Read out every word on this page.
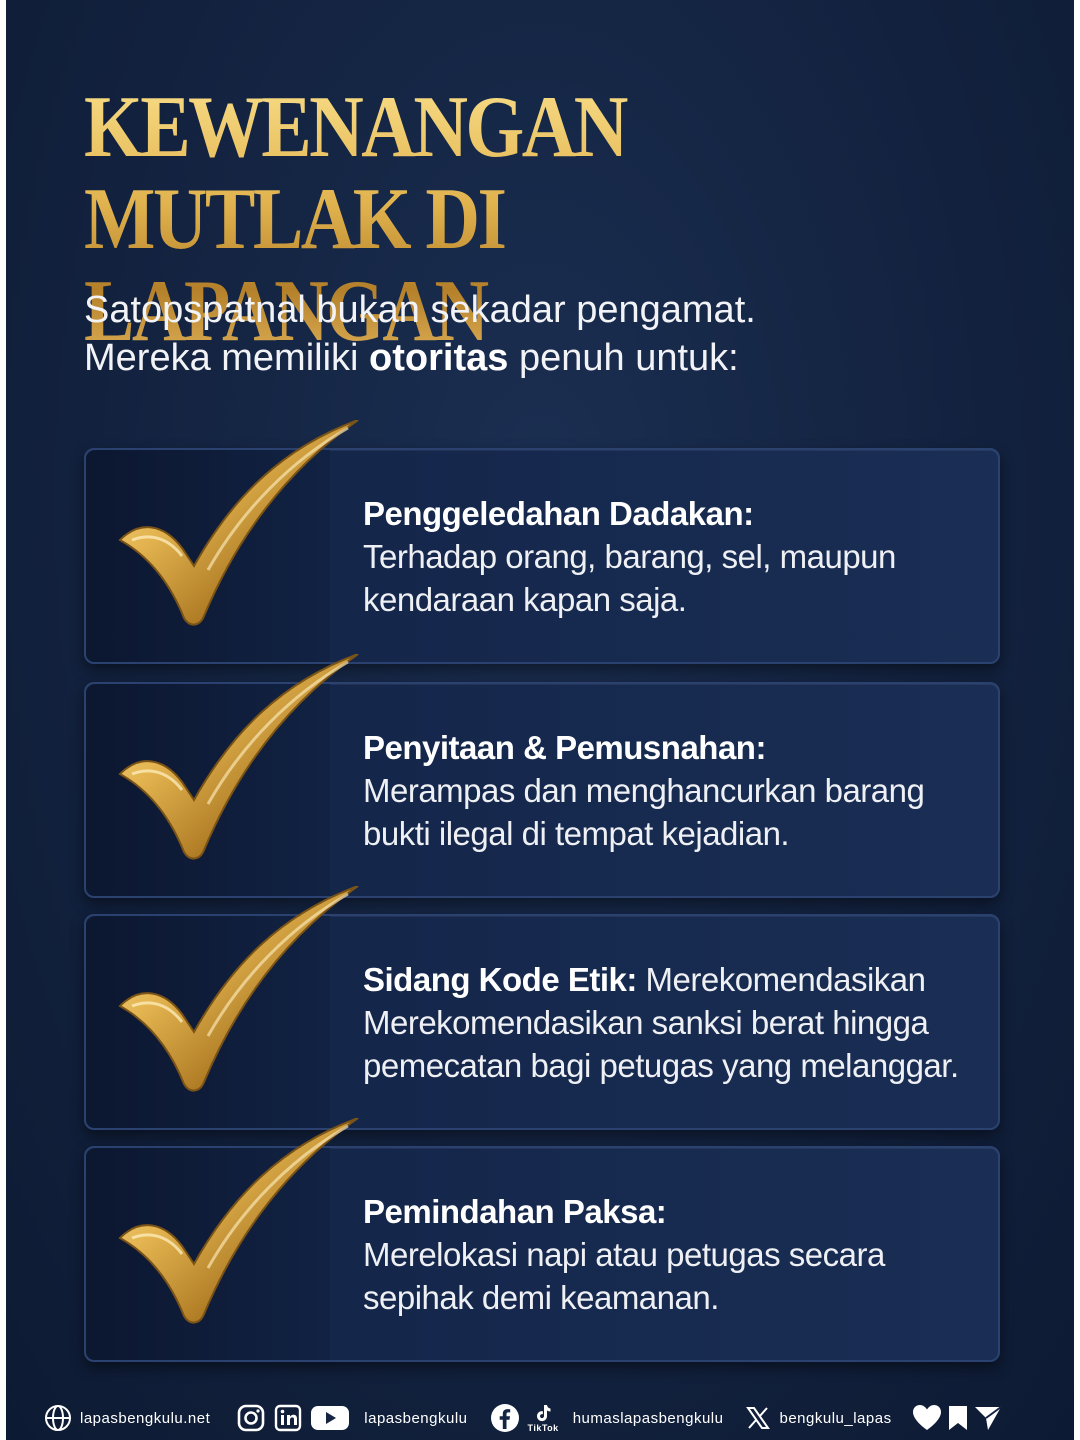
KEWENANGAN
MUTLAK DI LAPANGAN
Satopspatnal bukan sekadar pengamat.
Mereka memiliki otoritas penuh untuk:
Penggeledahan Dadakan:
Terhadap orang, barang, sel, maupun kendaraan kapan saja.
Penyitaan & Pemusnahan:
Merampas dan menghancurkan barang bukti ilegal di tempat kejadian.
Sidang Kode Etik: Merekomendasikan Merekomendasikan sanksi berat hingga pemecatan bagi petugas yang melanggar.
Pemindahan Paksa:
Merelokasi napi atau petugas secara sepihak demi keamanan.
lapasbengkulu.net	lapasbengkulu
TikTok
humaslapasbengkulu	bengkulu_lapas
